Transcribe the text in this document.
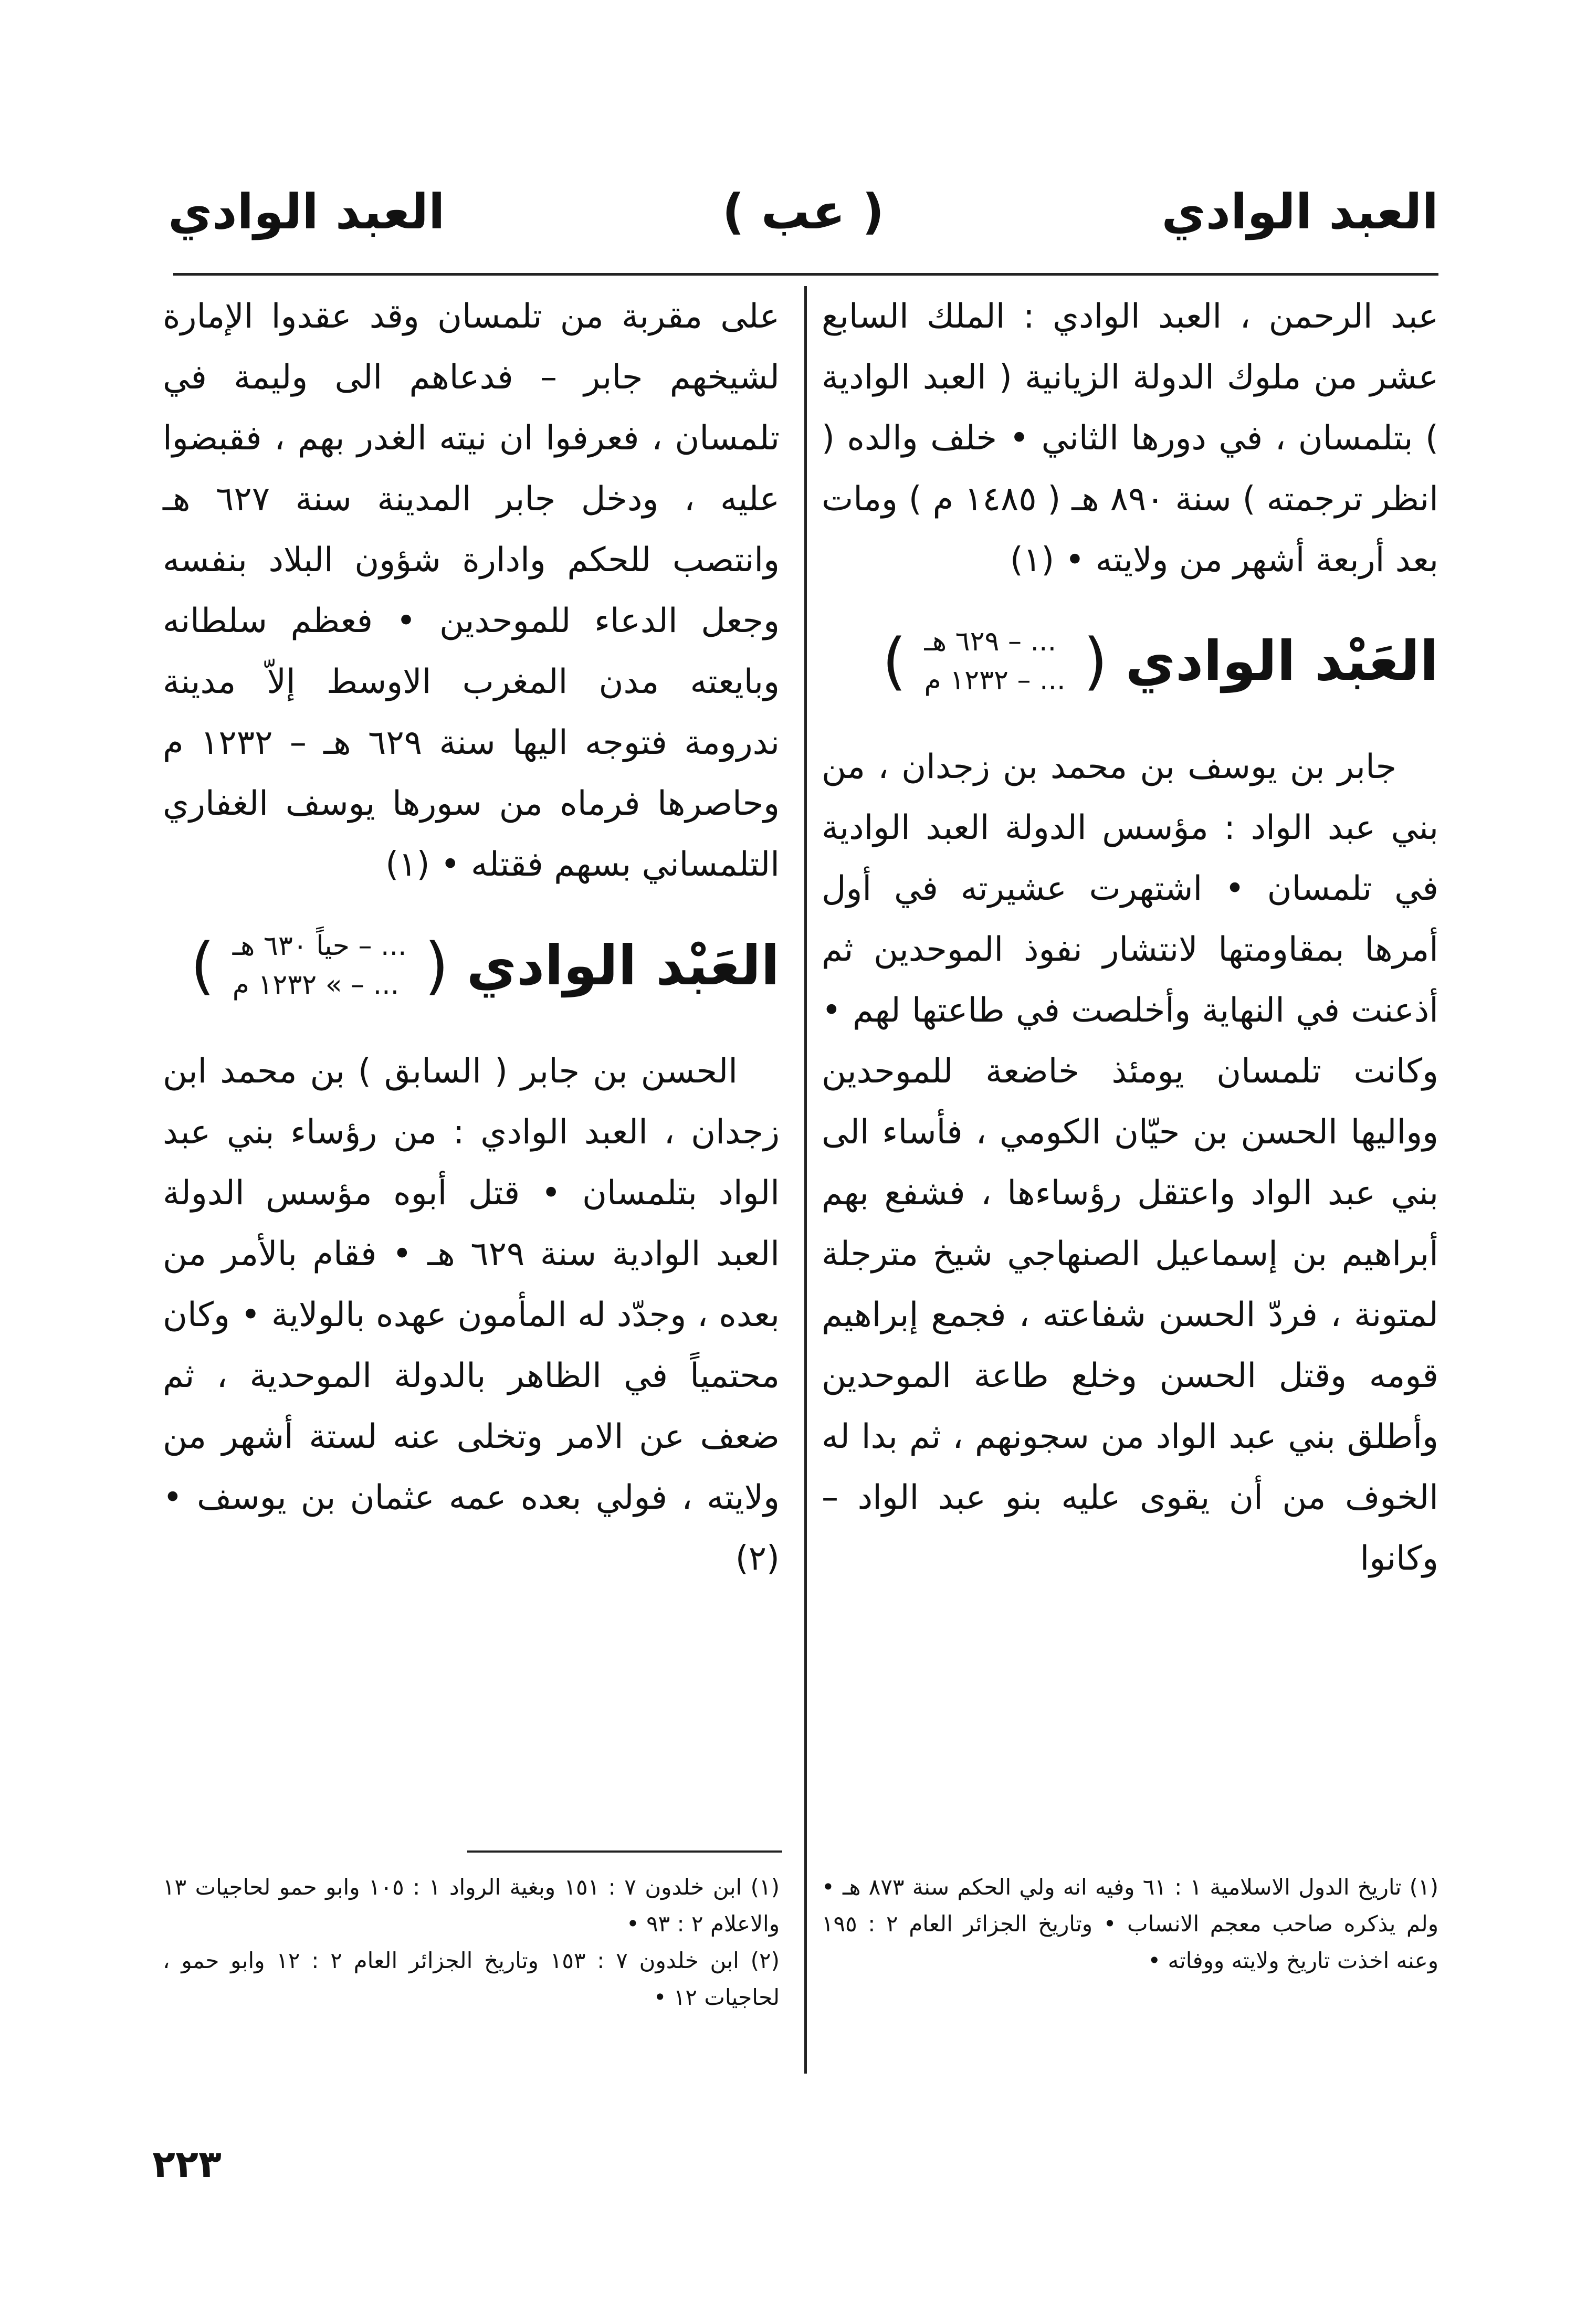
العبد الوادي
( عب )
العبد الوادي

عبد الرحمن ، العبد الوادي : الملك السابع عشر من ملوك الدولة الزيانية ( العبد الوادية ) بتلمسان ، في دورها الثاني • خلف والده ( انظر ترجمته ) سنة ٨٩٠ هـ ( ١٤٨٥ م ) ومات بعد أربعة أشهر من ولايته • (١)

العَبْد الوادي
(
... – ٦٢٩ هـ
... – ١٢٣٢ م
)

جابر بن يوسف بن محمد بن زجدان ، من بني عبد الواد : مؤسس الدولة العبد الوادية في تلمسان • اشتهرت عشيرته في أول أمرها بمقاومتها لانتشار نفوذ الموحدين ثم أذعنت في النهاية وأخلصت في طاعتها لهم • وكانت تلمسان يومئذ خاضعة للموحدين وواليها الحسن بن حيّان الكومي ، فأساء الى بني عبد الواد واعتقل رؤساءها ، فشفع بهم أبراهيم بن إسماعيل الصنهاجي شيخ مترجلة لمتونة ، فردّ الحسن شفاعته ، فجمع إبراهيم قومه وقتل الحسن وخلع طاعة الموحدين وأطلق بني عبد الواد من سجونهم ، ثم بدا له الخوف من أن يقوى عليه بنو عبد الواد – وكانوا

على مقربة من تلمسان وقد عقدوا الإمارة لشيخهم جابر – فدعاهم الى وليمة في تلمسان ، فعرفوا ان نيته الغدر بهم ، فقبضوا عليه ، ودخل جابر المدينة سنة ٦٢٧ هـ وانتصب للحكم وادارة شؤون البلاد بنفسه وجعل الدعاء للموحدين • فعظم سلطانه وبايعته مدن المغرب الاوسط إلاّ مدينة ندرومة فتوجه اليها سنة ٦٢٩ هـ – ١٢٣٢ م وحاصرها فرماه من سورها يوسف الغفاري التلمساني بسهم فقتله • (١)

العَبْد الوادي
(
... – حياً ٦٣٠ هـ
... – » ١٢٣٢ م
)

الحسن بن جابر ( السابق ) بن محمد ابن زجدان ، العبد الوادي : من رؤساء بني عبد الواد بتلمسان • قتل أبوه مؤسس الدولة العبد الوادية سنة ٦٢٩ هـ • فقام بالأمر من بعده ، وجدّد له المأمون عهده بالولاية • وكان محتمياً في الظاهر بالدولة الموحدية ، ثم ضعف عن الامر وتخلى عنه لستة أشهر من ولايته ، فولي بعده عمه عثمان بن يوسف • (٢)

(١) تاريخ الدول الاسلامية ١ : ٦١ وفيه انه ولي الحكم سنة ٨٧٣ هـ • ولم يذكره صاحب معجم الانساب • وتاريخ الجزائر العام ٢ : ١٩٥ وعنه اخذت تاريخ ولايته ووفاته •

(١) ابن خلدون ٧ : ١٥١ وبغية الرواد ١ : ١٠٥ وابو حمو لحاجيات ١٣ والاعلام ٢ : ٩٣ •

(٢) ابن خلدون ٧ : ١٥٣ وتاريخ الجزائر العام ٢ : ١٢ وابو حمو ، لحاجيات ١٢ •

٢٢٣
